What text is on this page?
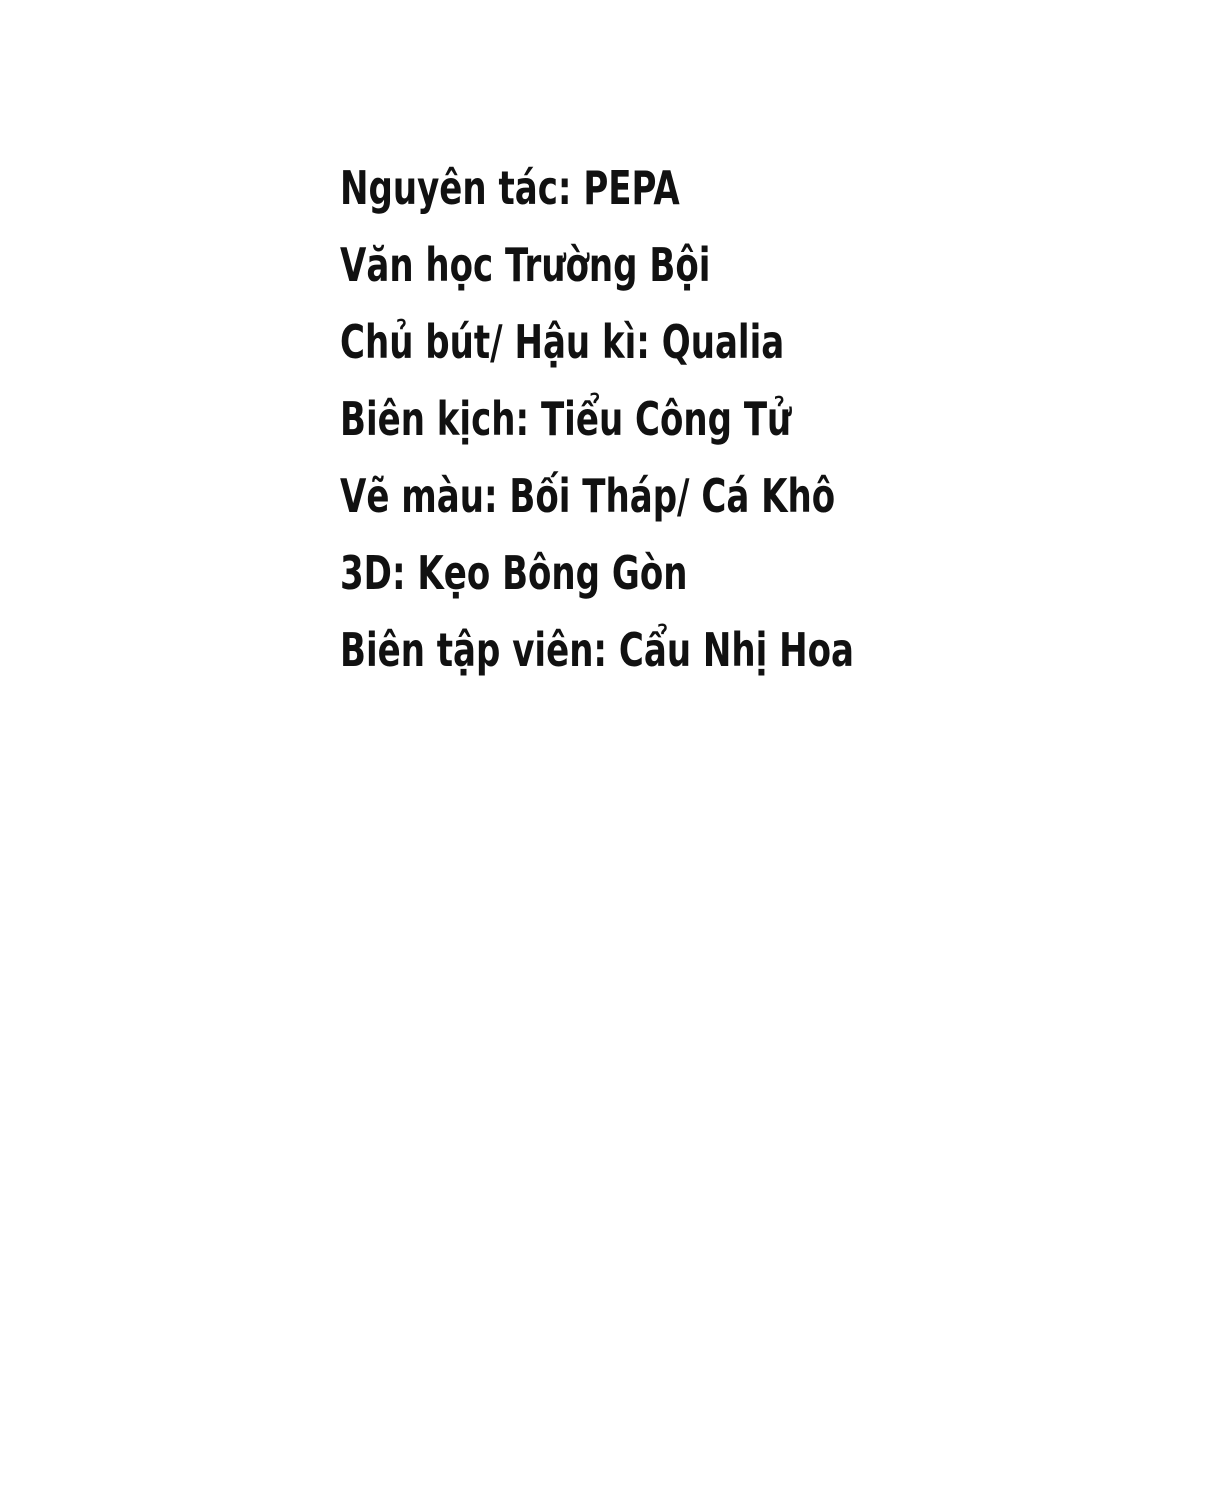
Nguyên tác: PEPA
Văn học Trường Bội
Chủ bút/ Hậu kì: Qualia
Biên kịch: Tiểu Công Tử
Vẽ màu: Bối Tháp/ Cá Khô
3D: Kẹo Bông Gòn
Biên tập viên: Cẩu Nhị Hoa
